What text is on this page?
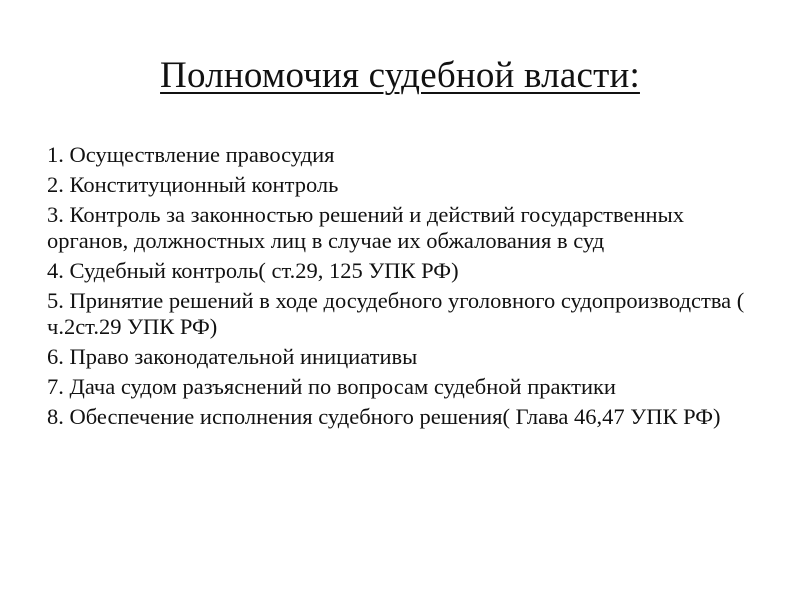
Полномочия судебной власти:
1. Осуществление правосудия
2. Конституционный контроль
3. Контроль за законностью решений и действий государственных органов, должностных лиц в случае их обжалования в суд
4. Судебный контроль( ст.29, 125 УПК РФ)
5. Принятие решений в ходе досудебного уголовного судопроизводства ( ч.2ст.29 УПК РФ)
6. Право законодательной инициативы
7. Дача судом разъяснений по вопросам судебной практики
8. Обеспечение исполнения судебного решения( Глава 46,47 УПК РФ)
